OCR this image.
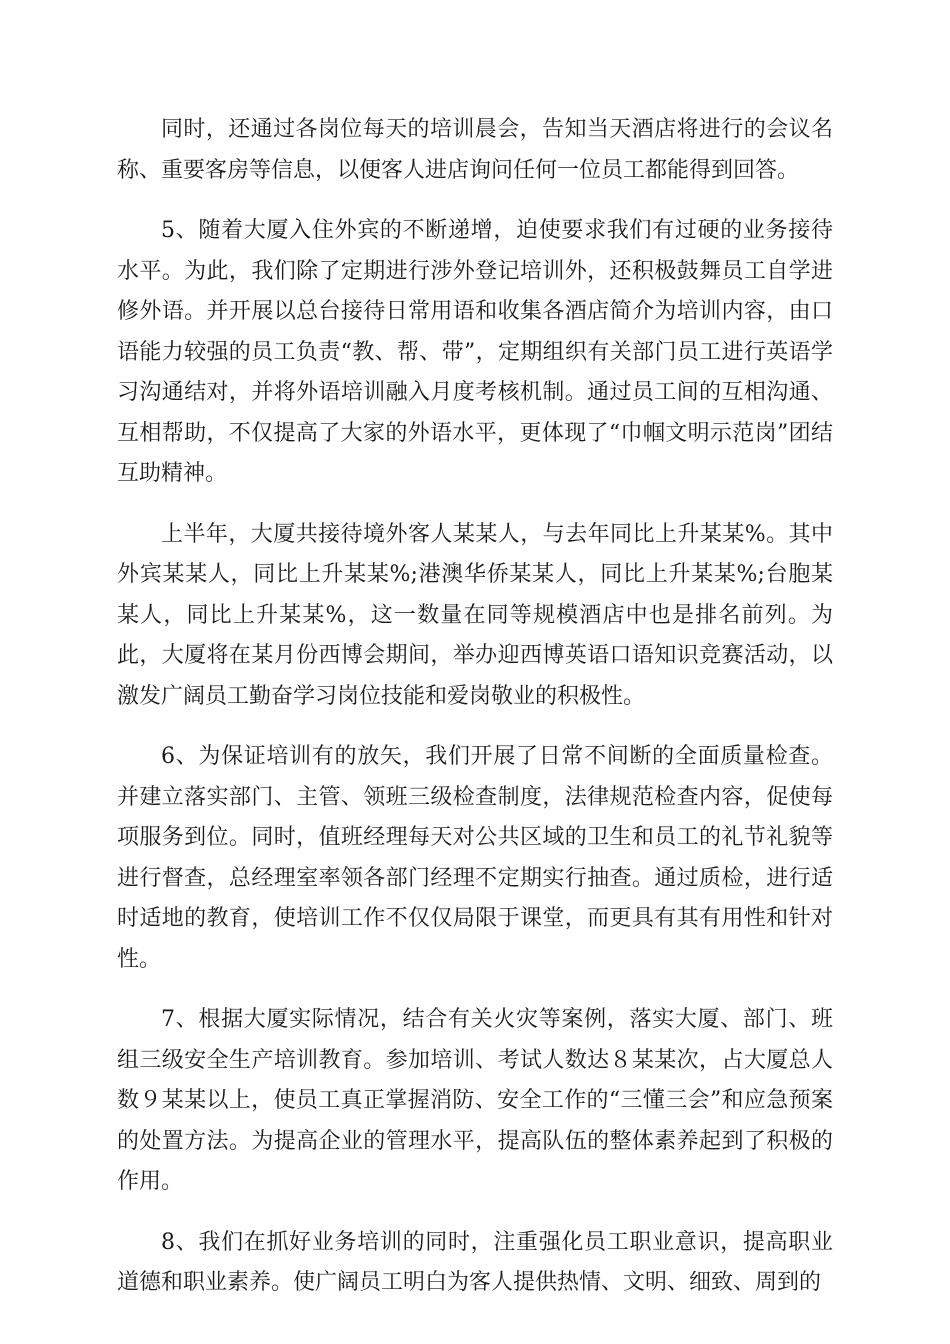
同时，还通过各岗位每天的培训晨会，告知当天酒店将进行的会议名称、重要客房等信息，以便客人进店询问任何一位员工都能得到回答。

5、随着大厦入住外宾的不断递增，迫使要求我们有过硬的业务接待水平。为此，我们除了定期进行涉外登记培训外，还积极鼓舞员工自学进修外语。并开展以总台接待日常用语和收集各酒店简介为培训内容，由口语能力较强的员工负责“教、帮、带”，定期组织有关部门员工进行英语学习沟通结对，并将外语培训融入月度考核机制。通过员工间的互相沟通、互相帮助，不仅提高了大家的外语水平，更体现了“巾帼文明示范岗”团结互助精神。

上半年，大厦共接待境外客人某某人，与去年同比上升某某%。其中外宾某某人，同比上升某某%;港澳华侨某某人，同比上升某某%;台胞某某人，同比上升某某%，这一数量在同等规模酒店中也是排名前列。为此，大厦将在某月份西博会期间，举办迎西博英语口语知识竞赛活动，以激发广阔员工勤奋学习岗位技能和爱岗敬业的积极性。

6、为保证培训有的放矢，我们开展了日常不间断的全面质量检查。并建立落实部门、主管、领班三级检查制度，法律规范检查内容，促使每项服务到位。同时，值班经理每天对公共区域的卫生和员工的礼节礼貌等进行督查，总经理室率领各部门经理不定期实行抽查。通过质检，进行适时适地的教育，使培训工作不仅仅局限于课堂，而更具有其有用性和针对性。

7、根据大厦实际情况，结合有关火灾等案例，落实大厦、部门、班组三级安全生产培训教育。参加培训、考试人数达８某某次，占大厦总人数９某某以上，使员工真正掌握消防、安全工作的“三懂三会”和应急预案的处置方法。为提高企业的管理水平，提高队伍的整体素养起到了积极的作用。

8、我们在抓好业务培训的同时，注重强化员工职业意识，提高职业道德和职业素养。使广阔员工明白为客人提供热情、文明、细致、周到的
